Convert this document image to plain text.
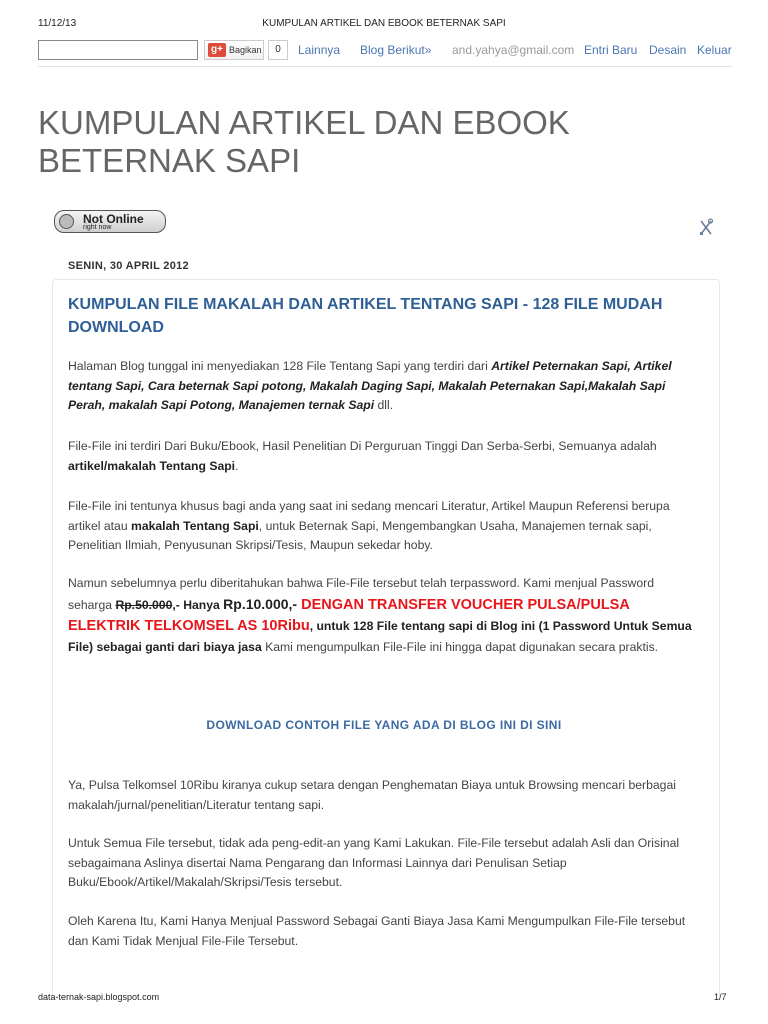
11/12/13	KUMPULAN ARTIKEL DAN EBOOK BETERNAK SAPI
g+ Bagikan	0	Lainnya Blog Berikut» and.yahya@gmail.com Entri Baru Desain Keluar
KUMPULAN ARTIKEL DAN EBOOK BETERNAK SAPI
Not Online
right now
SENIN, 30 APRIL 2012
KUMPULAN FILE MAKALAH DAN ARTIKEL TENTANG SAPI - 128 FILE MUDAH DOWNLOAD

Halaman Blog tunggal ini menyediakan 128 File Tentang Sapi yang terdiri dari Artikel Peternakan Sapi, Artikel tentang Sapi, Cara beternak Sapi potong, Makalah Daging Sapi, Makalah Peternakan Sapi,Makalah Sapi Perah, makalah Sapi Potong, Manajemen ternak Sapi dll.

File-File ini terdiri Dari Buku/Ebook, Hasil Penelitian Di Perguruan Tinggi Dan Serba-Serbi, Semuanya adalah artikel/makalah Tentang Sapi.

File-File ini tentunya khusus bagi anda yang saat ini sedang mencari Literatur, Artikel Maupun Referensi berupa artikel atau makalah Tentang Sapi, untuk Beternak Sapi, Mengembangkan Usaha, Manajemen ternak sapi, Penelitian Ilmiah, Penyusunan Skripsi/Tesis, Maupun sekedar hoby.

Namun sebelumnya perlu diberitahukan bahwa File-File tersebut telah terpassword. Kami menjual Password seharga Rp.50.000,- Hanya Rp.10.000,- DENGAN TRANSFER VOUCHER PULSA/PULSA ELEKTRIK TELKOMSEL AS 10Ribu, untuk 128 File tentang sapi di Blog ini (1 Password Untuk Semua File) sebagai ganti dari biaya jasa Kami mengumpulkan File-File ini hingga dapat digunakan secara praktis.

DOWNLOAD CONTOH FILE YANG ADA DI BLOG INI DI SINI

Ya, Pulsa Telkomsel 10Ribu kiranya cukup setara dengan Penghematan Biaya untuk Browsing mencari berbagai makalah/jurnal/penelitian/Literatur tentang sapi.

Untuk Semua File tersebut, tidak ada peng-edit-an yang Kami Lakukan. File-File tersebut adalah Asli dan Orisinal sebagaimana Aslinya disertai Nama Pengarang dan Informasi Lainnya dari Penulisan Setiap Buku/Ebook/Artikel/Makalah/Skripsi/Tesis tersebut.

Oleh Karena Itu, Kami Hanya Menjual Password Sebagai Ganti Biaya Jasa Kami Mengumpulkan File-File tersebut dan Kami Tidak Menjual File-File Tersebut.

data-ternak-sapi.blogspot.com	1/7
